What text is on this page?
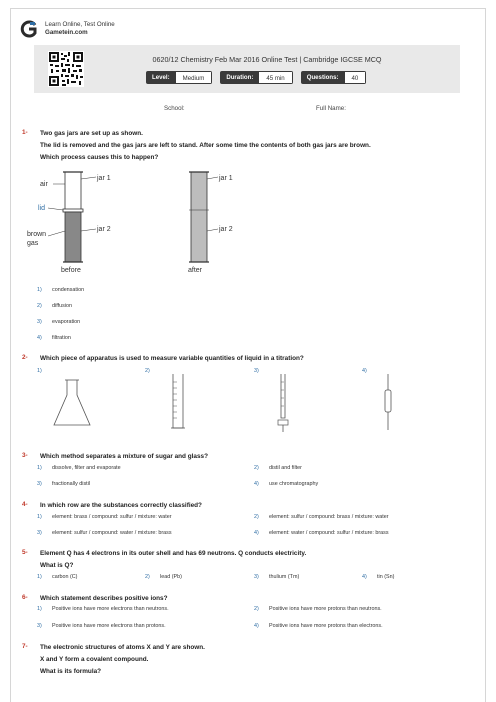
Learn Online, Test Online
Gametein.com
0620/12 Chemistry Feb Mar 2016 Online Test | Cambridge IGCSE MCQ
Level:	Medium	Duration:	45 min	Questions:	40
School:	Full Name:
1- Two gas jars are set up as shown.
The lid is removed and the gas jars are left to stand. After some time the contents of both gas jars are brown.
Which process causes this to happen?
air
lid
brown
gas
jar 1
jar 2
before
jar 1
jar 2
after
1) condensation
2) diffusion
3) evaporation
4) filtration
2- Which piece of apparatus is used to measure variable quantities of liquid in a titration?
1)	2)	3)	4)
3- Which method separates a mixture of sugar and glass?
1) dissolve, filter and evaporate	2) distil and filter
3) fractionally distil	4) use chromatography
4- In which row are the substances correctly classified?
1) element: brass / compound: sulfur / mixture: water	2) element: sulfur / compound: brass / mixture: water
3) element: sulfur / compound: water / mixture: brass	4) element: water / compound: sulfur / mixture: brass
5- Element Q has 4 electrons in its outer shell and has 69 neutrons. Q conducts electricity.
What is Q?
1) carbon (C)	2) lead (Pb)	3) thulium (Tm)	4) tin (Sn)
6- Which statement describes positive ions?
1) Positive ions have more electrons than neutrons.	2) Positive ions have more protons than neutrons.
3) Positive ions have more electrons than protons.	4) Positive ions have more protons than electrons.
7- The electronic structures of atoms X and Y are shown.
X and Y form a covalent compound.
What is its formula?
